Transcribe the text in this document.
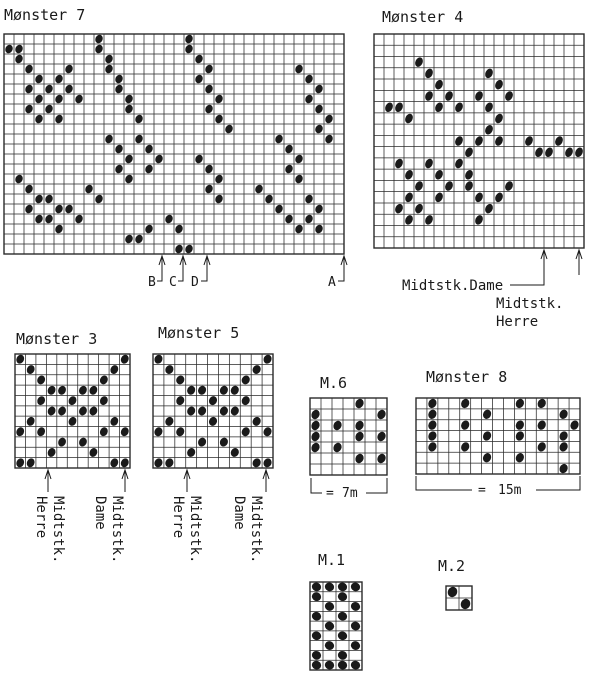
Mønster 7
B C D	A
Mønster 4
Midtstk.Dame
Midtstk.
Herre
Mønster 3
Midtstk.
Herre	Midtstk.
Dame
Mønster 5
Midtstk.
Herre	Midtstk.
Dame
M.6
= 7m
Mønster 8
= 15m
M.1	M.2
